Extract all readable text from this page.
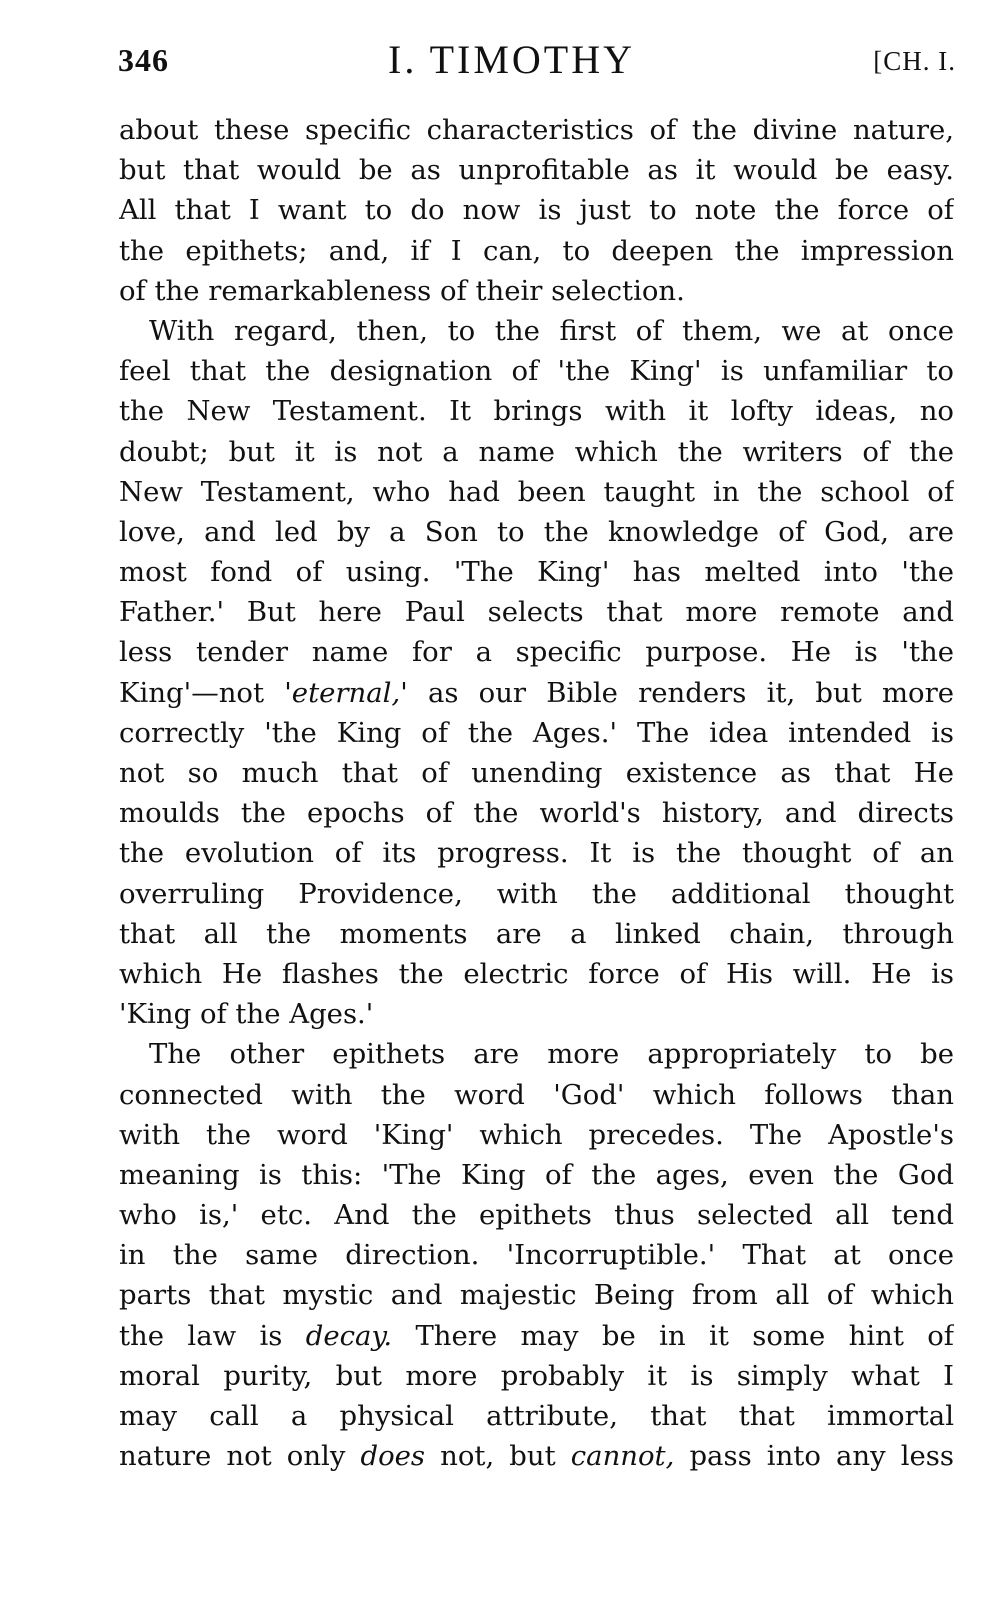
346	I. TIMOTHY	[CH. I.
about these specific characteristics of the divine nature,
but that would be as unprofitable as it would be easy.
All that I want to do now is just to note the force of
the epithets; and, if I can, to deepen the impression
of the remarkableness of their selection.
With regard, then, to the first of them, we at once
feel that the designation of 'the King' is unfamiliar to
the New Testament. It brings with it lofty ideas, no
doubt; but it is not a name which the writers of the
New Testament, who had been taught in the school of
love, and led by a Son to the knowledge of God, are
most fond of using. 'The King' has melted into 'the
Father.' But here Paul selects that more remote and
less tender name for a specific purpose. He is 'the
King'—not 'eternal,' as our Bible renders it, but more
correctly 'the King of the Ages.' The idea intended is
not so much that of unending existence as that He
moulds the epochs of the world's history, and directs
the evolution of its progress. It is the thought of an
overruling Providence, with the additional thought
that all the moments are a linked chain, through
which He flashes the electric force of His will. He is
'King of the Ages.'
The other epithets are more appropriately to be
connected with the word 'God' which follows than
with the word 'King' which precedes. The Apostle's
meaning is this: 'The King of the ages, even the God
who is,' etc. And the epithets thus selected all tend
in the same direction. 'Incorruptible.' That at once
parts that mystic and majestic Being from all of which
the law is decay. There may be in it some hint of
moral purity, but more probably it is simply what I
may call a physical attribute, that that immortal
nature not only does not, but cannot, pass into any less
